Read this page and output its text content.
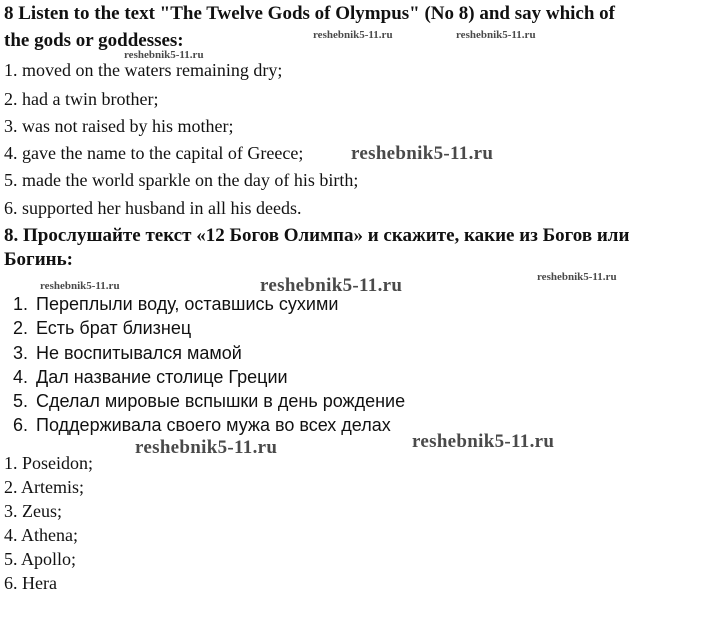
8 Listen to the text "The Twelve Gods of Olympus" (No 8) and say which of
the gods or goddesses:
1. moved on the waters remaining dry;
2. had a twin brother;
3. was not raised by his mother;
4. gave the name to the capital of Greece;
5. made the world sparkle on the day of his birth;
6. supported her husband in all his deeds.
8. Прослушайте текст «12 Богов Олимпа» и скажите, какие из Богов или
Богинь:
1. Переплыли воду, оставшись сухими
2. Есть брат близнец
3. Не воспитывался мамой
4. Дал название столице Греции
5. Сделал мировые вспышки в день рождение
6. Поддерживала своего мужа во всех делах
1. Poseidon;
2. Artemis;
3. Zeus;
4. Athena;
5. Apollo;
6. Hera
reshebnik5-11.ru	reshebnik5-11.ru
reshebnik5-11.ru
reshebnik5-11.ru
reshebnik5-11.ru	reshebnik5-11.ru	reshebnik5-11.ru
reshebnik5-11.ru
reshebnik5-11.ru
